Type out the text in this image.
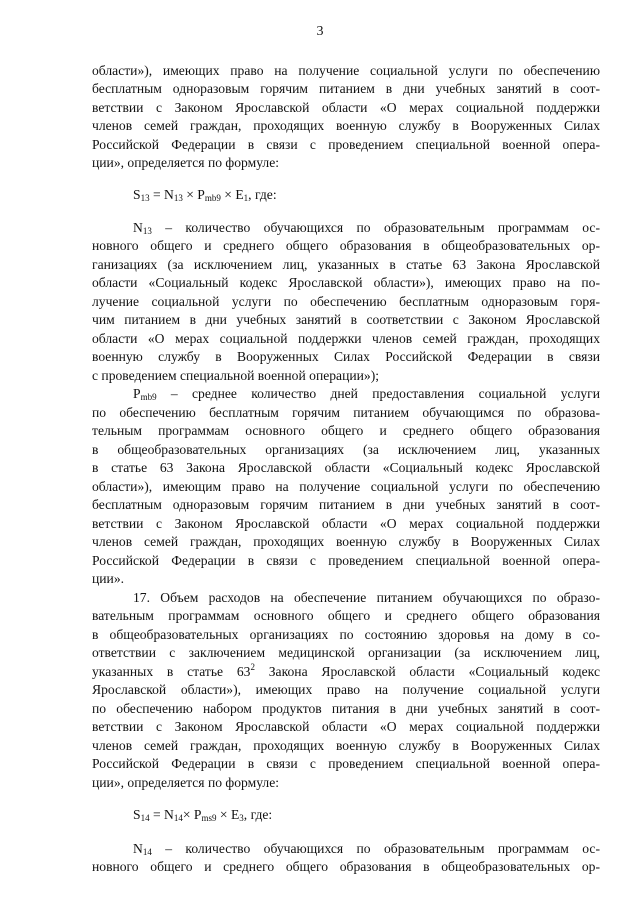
3
области»), имеющих право на получение социальной услуги по обеспечению
бесплатным одноразовым горячим питанием в дни учебных занятий в соот-
ветствии с Законом Ярославской области «О мерах социальной поддержки
членов семей граждан, проходящих военную службу в Вооруженных Силах
Российской Федерации в связи с проведением специальной военной опера-
ции», определяется по формуле:
$S_{13} = N_{13} \times P_{mb9} \times E_1$, где:
$N_{13}$ – количество обучающихся по образовательным программам ос-
новного общего и среднего общего образования в общеобразовательных ор-
ганизациях (за исключением лиц, указанных в статье 63 Закона Ярославской
области «Социальный кодекс Ярославской области»), имеющих право на по-
лучение социальной услуги по обеспечению бесплатным одноразовым горя-
чим питанием в дни учебных занятий в соответствии с Законом Ярославской
области «О мерах социальной поддержки членов семей граждан, проходящих
военную службу в Вооруженных Силах Российской Федерации в связи
с проведением специальной военной операции»);
$P_{mb9}$ – среднее количество дней предоставления социальной услуги
по обеспечению бесплатным горячим питанием обучающимся по образова-
тельным программам основного общего и среднего общего образования
в общеобразовательных организациях (за исключением лиц, указанных
в статье 63 Закона Ярославской области «Социальный кодекс Ярославской
области»), имеющим право на получение социальной услуги по обеспечению
бесплатным одноразовым горячим питанием в дни учебных занятий в соот-
ветствии с Законом Ярославской области «О мерах социальной поддержки
членов семей граждан, проходящих военную службу в Вооруженных Силах
Российской Федерации в связи с проведением специальной военной опера-
ции».
17. Объем расходов на обеспечение питанием обучающихся по образо-
вательным программам основного общего и среднего общего образования
в общеобразовательных организациях по состоянию здоровья на дому в со-
ответствии с заключением медицинской организации (за исключением лиц,
указанных в статье $63^2$ Закона Ярославской области «Социальный кодекс
Ярославской области»), имеющих право на получение социальной услуги
по обеспечению набором продуктов питания в дни учебных занятий в соот-
ветствии с Законом Ярославской области «О мерах социальной поддержки
членов семей граждан, проходящих военную службу в Вооруженных Силах
Российской Федерации в связи с проведением специальной военной опера-
ции», определяется по формуле:
$S_{14} = N_{14}\times P_{ms9} \times E_3$, где:
$N_{14}$ – количество обучающихся по образовательным программам ос-
новного общего и среднего общего образования в общеобразовательных ор-
